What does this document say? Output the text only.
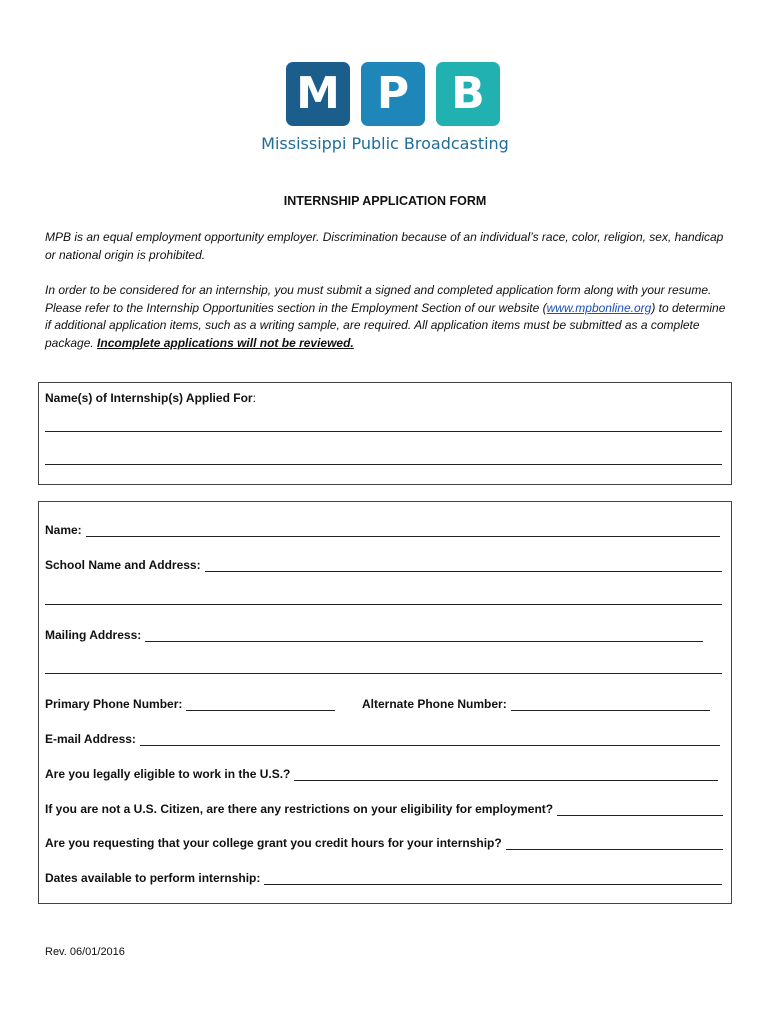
M P B
Mississippi Public Broadcasting
INTERNSHIP APPLICATION FORM
MPB is an equal employment opportunity employer. Discrimination because of an individual’s race, color, religion, sex, handicap or national origin is prohibited.
In order to be considered for an internship, you must submit a signed and completed application form along with your resume. Please refer to the Internship Opportunities section in the Employment Section of our website (www.mpbonline.org) to determine if additional application items, such as a writing sample, are required. All application items must be submitted as a complete package. Incomplete applications will not be reviewed.
Name(s) of Internship(s) Applied For:
Name:
School Name and Address:
Mailing Address:
Primary Phone Number:	Alternate Phone Number:
E-mail Address:
Are you legally eligible to work in the U.S.?
If you are not a U.S. Citizen, are there any restrictions on your eligibility for employment?
Are you requesting that your college grant you credit hours for your internship?
Dates available to perform internship:
Rev. 06/01/2016
